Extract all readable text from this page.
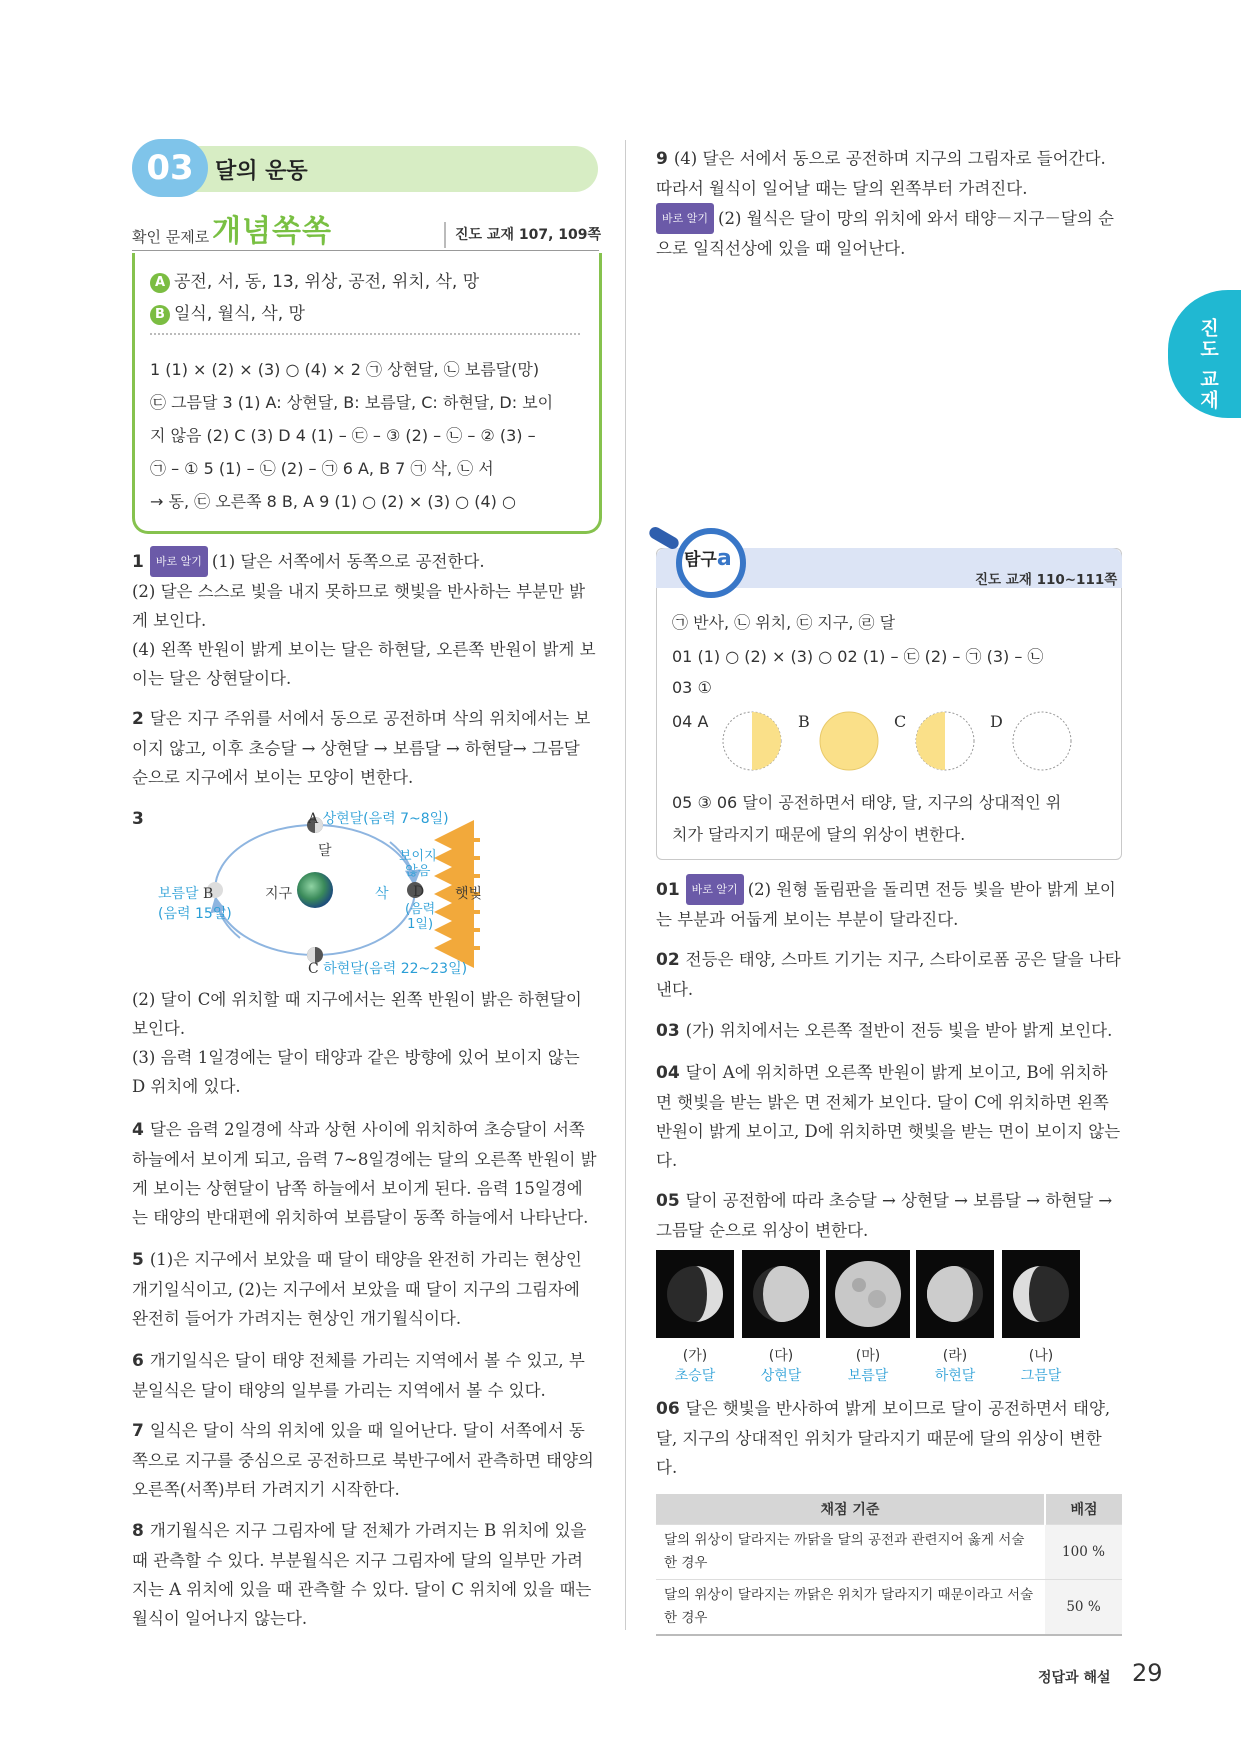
03 달의 운동
확인 문제로 개념쏙쏙	진도 교재 107, 109쪽
A 공전, 서, 동, 13, 위상, 공전, 위치, 삭, 망
B 일식, 월식, 삭, 망
1 (1) × (2) × (3) ○ (4) × 2 ㉠ 상현달, ㉡ 보름달(망)
㉢ 그믐달 3 (1) A: 상현달, B: 보름달, C: 하현달, D: 보이
지 않음 (2) C (3) D 4 (1) – ㉢ – ③ (2) – ㉡ – ② (3) –
㉠ – ① 5 (1) – ㉡ (2) – ㉠ 6 A, B 7 ㉠ 삭, ㉡ 서
→ 동, ㉢ 오른쪽 8 B, A 9 (1) ○ (2) × (3) ○ (4) ○
1 바로 알기 (1) 달은 서쪽에서 동쪽으로 공전한다.
(2) 달은 스스로 빛을 내지 못하므로 햇빛을 반사하는 부분만 밝게 보인다.
(4) 왼쪽 반원이 밝게 보이는 달은 하현달, 오른쪽 반원이 밝게 보이는 달은 상현달이다.
2 달은 지구 주위를 서에서 동으로 공전하며 삭의 위치에서는 보이지 않고, 이후 초승달 → 상현달 → 보름달 → 하현달→ 그믐달 순으로 지구에서 보이는 모양이 변한다.
3	A 상현달(음력 7~8일)
달
보름달 B
(음력 15일)
지구	삭 D
보이지
않음
(음력
1일)
햇빛
C 하현달(음력 22~23일)
(2) 달이 C에 위치할 때 지구에서는 왼쪽 반원이 밝은 하현달이 보인다.
(3) 음력 1일경에는 달이 태양과 같은 방향에 있어 보이지 않는 D 위치에 있다.
4 달은 음력 2일경에 삭과 상현 사이에 위치하여 초승달이 서쪽 하늘에서 보이게 되고, 음력 7~8일경에는 달의 오른쪽 반원이 밝게 보이는 상현달이 남쪽 하늘에서 보이게 된다. 음력 15일경에는 태양의 반대편에 위치하여 보름달이 동쪽 하늘에서 나타난다.
5 (1)은 지구에서 보았을 때 달이 태양을 완전히 가리는 현상인 개기일식이고, (2)는 지구에서 보았을 때 달이 지구의 그림자에 완전히 들어가 가려지는 현상인 개기월식이다.
6 개기일식은 달이 태양 전체를 가리는 지역에서 볼 수 있고, 부분일식은 달이 태양의 일부를 가리는 지역에서 볼 수 있다.
7 일식은 달이 삭의 위치에 있을 때 일어난다. 달이 서쪽에서 동쪽으로 지구를 중심으로 공전하므로 북반구에서 관측하면 태양의 오른쪽(서쪽)부터 가려지기 시작한다.
8 개기월식은 지구 그림자에 달 전체가 가려지는 B 위치에 있을 때 관측할 수 있다. 부분월식은 지구 그림자에 달의 일부만 가려지는 A 위치에 있을 때 관측할 수 있다. 달이 C 위치에 있을 때는 월식이 일어나지 않는다.
9 (4) 달은 서에서 동으로 공전하며 지구의 그림자로 들어간다. 따라서 월식이 일어날 때는 달의 왼쪽부터 가려진다.
바로 알기 (2) 월식은 달이 망의 위치에 와서 태양－지구－달의 순으로 일직선상에 있을 때 일어난다.
진도 교재
탐구a
진도 교재 110~111쪽
㉠ 반사, ㉡ 위치, ㉢ 지구, ㉣ 달
01 (1) ○ (2) × (3) ○ 02 (1) – ㉢ (2) – ㉠ (3) – ㉡
03 ①
04 A	B	C	D
05 ③ 06 달이 공전하면서 태양, 달, 지구의 상대적인 위
치가 달라지기 때문에 달의 위상이 변한다.
01 바로 알기 (2) 원형 돌림판을 돌리면 전등 빛을 받아 밝게 보이는 부분과 어둡게 보이는 부분이 달라진다.
02 전등은 태양, 스마트 기기는 지구, 스타이로폼 공은 달을 나타낸다.
03 (가) 위치에서는 오른쪽 절반이 전등 빛을 받아 밝게 보인다.
04 달이 A에 위치하면 오른쪽 반원이 밝게 보이고, B에 위치하면 햇빛을 받는 밝은 면 전체가 보인다. 달이 C에 위치하면 왼쪽 반원이 밝게 보이고, D에 위치하면 햇빛을 받는 면이 보이지 않는다.
05 달이 공전함에 따라 초승달 → 상현달 → 보름달 → 하현달 → 그믐달 순으로 위상이 변한다.
(가)
초승달
(다)
상현달
(마)
보름달
(라)
하현달
(나)
그믐달
06 달은 햇빛을 반사하여 밝게 보이므로 달이 공전하면서 태양, 달, 지구의 상대적인 위치가 달라지기 때문에 달의 위상이 변한다.
채점 기준	배점
달의 위상이 달라지는 까닭을 달의 공전과 관련지어 옳게 서술한 경우	100 %
달의 위상이 달라지는 까닭은 위치가 달라지기 때문이라고 서술한 경우	50 %
정답과 해설 29
